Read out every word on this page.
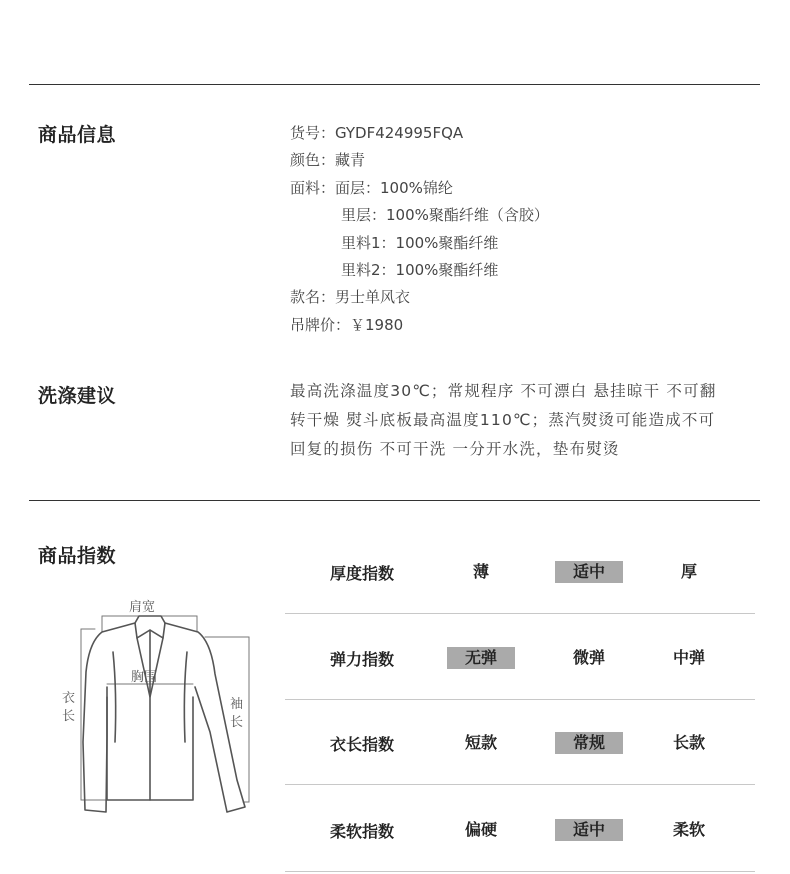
商品信息	货号：GYDF424995FQA
颜色：藏青
面料：面层：100%锦纶
里层：100%聚酯纤维（含胶）
里料1：100%聚酯纤维
里料2：100%聚酯纤维
款名：男士单风衣
吊牌价：￥1980
洗涤建议	最高洗涤温度30℃；常规程序 不可漂白 悬挂晾干 不可翻

转干燥 熨斗底板最高温度110℃；蒸汽熨烫可能造成不可

回复的损伤 不可干洗 一分开水洗，垫布熨烫

商品指数
肩宽
胸围
衣
长
袖
长
厚度指数	薄	适中	厚
弹力指数	无弹	微弹	中弹
衣长指数	短款	常规	长款
柔软指数	偏硬	适中	柔软
